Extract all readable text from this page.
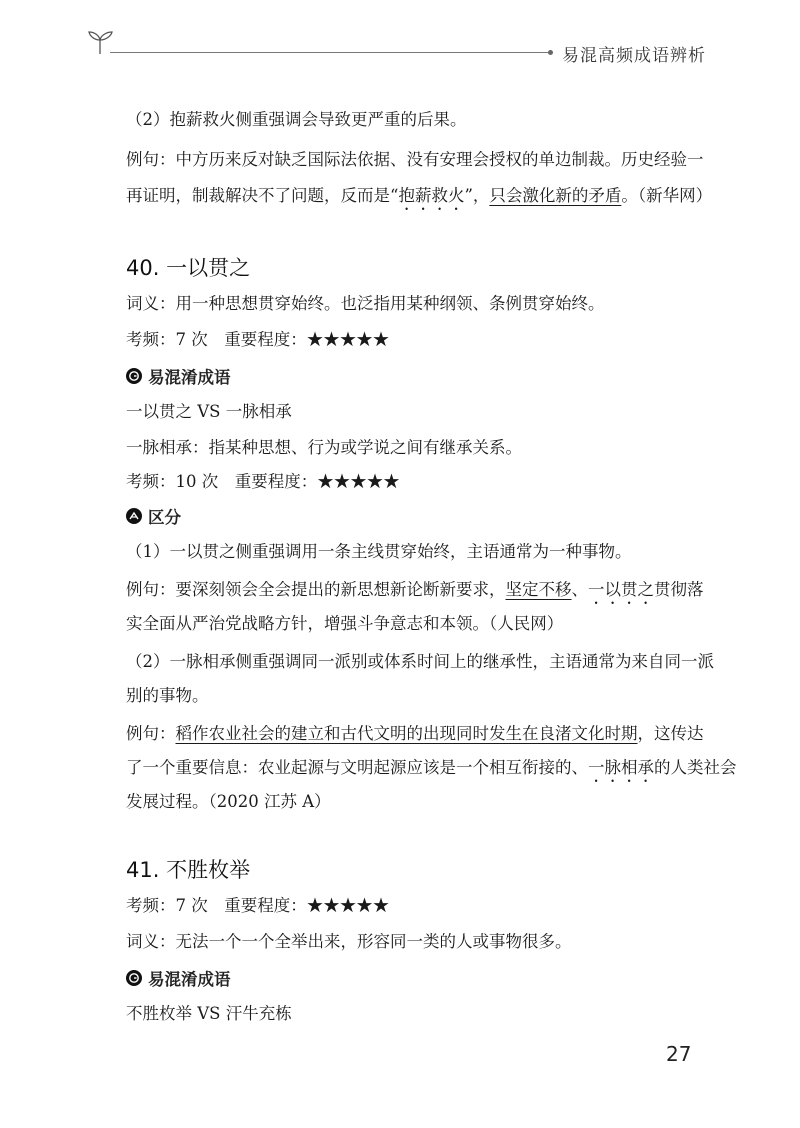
易混高频成语辨析
（2）抱薪救火侧重强调会导致更严重的后果。
例句：中方历来反对缺乏国际法依据、没有安理会授权的单边制裁。历史经验一
再证明，制裁解决不了问题，反而是“抱薪救火”，只会激化新的矛盾。（新华网）
40. 一以贯之
词义：用一种思想贯穿始终。也泛指用某种纲领、条例贯穿始终。
考频：7 次　重要程度：★★★★★
易混淆成语
一以贯之 VS 一脉相承
一脉相承：指某种思想、行为或学说之间有继承关系。
考频：10 次　重要程度：★★★★★
区分
（1）一以贯之侧重强调用一条主线贯穿始终，主语通常为一种事物。
例句：要深刻领会全会提出的新思想新论断新要求，坚定不移、一以贯之贯彻落
实全面从严治党战略方针，增强斗争意志和本领。（人民网）
（2）一脉相承侧重强调同一派别或体系时间上的继承性，主语通常为来自同一派
别的事物。
例句：稻作农业社会的建立和古代文明的出现同时发生在良渚文化时期，这传达
了一个重要信息：农业起源与文明起源应该是一个相互衔接的、一脉相承的人类社会
发展过程。（2020 江苏 A）
41. 不胜枚举
考频：7 次　重要程度：★★★★★
词义：无法一个一个全举出来，形容同一类的人或事物很多。
易混淆成语
不胜枚举 VS 汗牛充栋
27
